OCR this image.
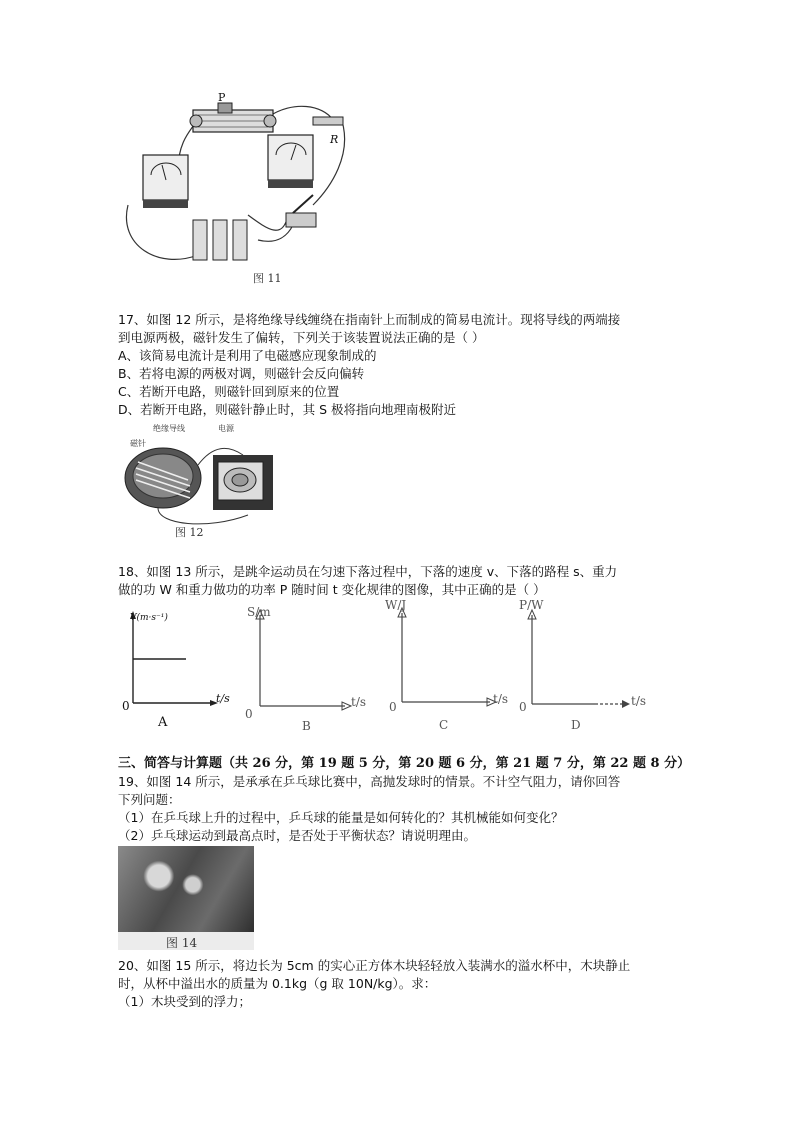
P
R
图 11
17、如图 12 所示，是将绝缘导线缠绕在指南针上而制成的简易电流计。现将导线的两端接
到电源两极，磁针发生了偏转，下列关于该装置说法正确的是（ ）
A、该简易电流计是利用了电磁感应现象制成的
B、若将电源的两极对调，则磁针会反向偏转
C、若断开电路，则磁针回到原来的位置
D、若断开电路，则磁针静止时，其 S 极将指向地理南极附近
磁针
绝缘导线	电源
图 12
18、如图 13 所示，是跳伞运动员在匀速下落过程中，下落的速度 v、下落的路程 s、重力
做的功 W 和重力做功的功率 P 随时间 t 变化规律的图像，其中正确的是（ ）
V(m·s⁻¹)
t/s
0
A
S/m
t/s
0
B
W/J
t/s
0
C
P/W
t/s
0
D
三、简答与计算题（共 26 分，第 19 题 5 分，第 20 题 6 分，第 21 题 7 分，第 22 题 8 分）
19、如图 14 所示，是承承在乒乓球比赛中，高抛发球时的情景。不计空气阻力，请你回答
下列问题：
（1）在乒乓球上升的过程中，乒乓球的能量是如何转化的？其机械能如何变化？
（2）乒乓球运动到最高点时，是否处于平衡状态？请说明理由。
图 14
20、如图 15 所示，将边长为 5cm 的实心正方体木块轻轻放入装满水的溢水杯中，木块静止
时，从杯中溢出水的质量为 0.1kg（g 取 10N/kg）。求：
（1）木块受到的浮力；
